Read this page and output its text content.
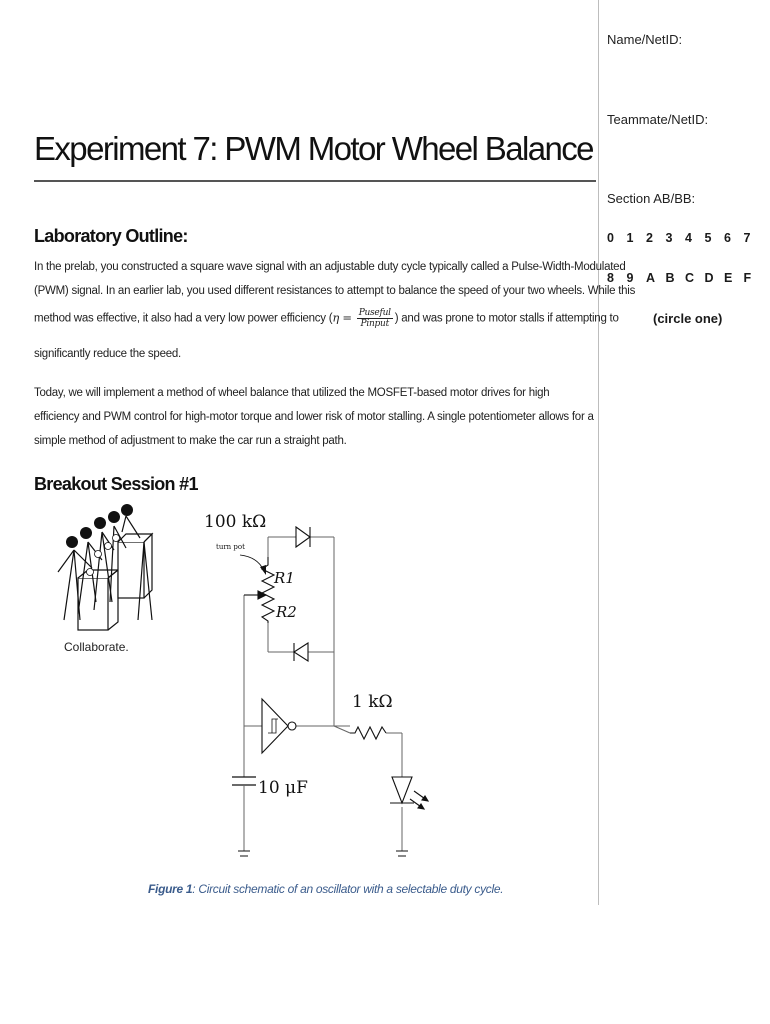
Name/NetID:
Teammate/NetID:
Section AB/BB:
0 1 2 3 4 5 6 7
8 9 A B C D E F
(circle one)
Experiment 7: PWM Motor Wheel Balance
Laboratory Outline:
In the prelab, you constructed a square wave signal with an adjustable duty cycle typically called a Pulse-Width-Modulated
(PWM) signal. In an earlier lab, you used different resistances to attempt to balance the speed of your two wheels. While this
method was effective, it also had a very low power efficiency ($\eta = \frac{\text{Puseful}}{\text{Pinput}}$ ) and was prone to motor stalls if attempting to
significantly reduce the speed.

Today, we will implement a method of wheel balance that utilized the MOSFET-based motor drives for high efficiency and PWM control for high-motor torque and lower risk of motor stalling. A single potentiometer allows for a simple method of adjustment to make the car run a straight path.

Breakout Session #1
Collaborate.
100 kΩ
turn pot
R1
R2
1 kΩ
10 μF
Figure 1: Circuit schematic of an oscillator with a selectable duty cycle.
